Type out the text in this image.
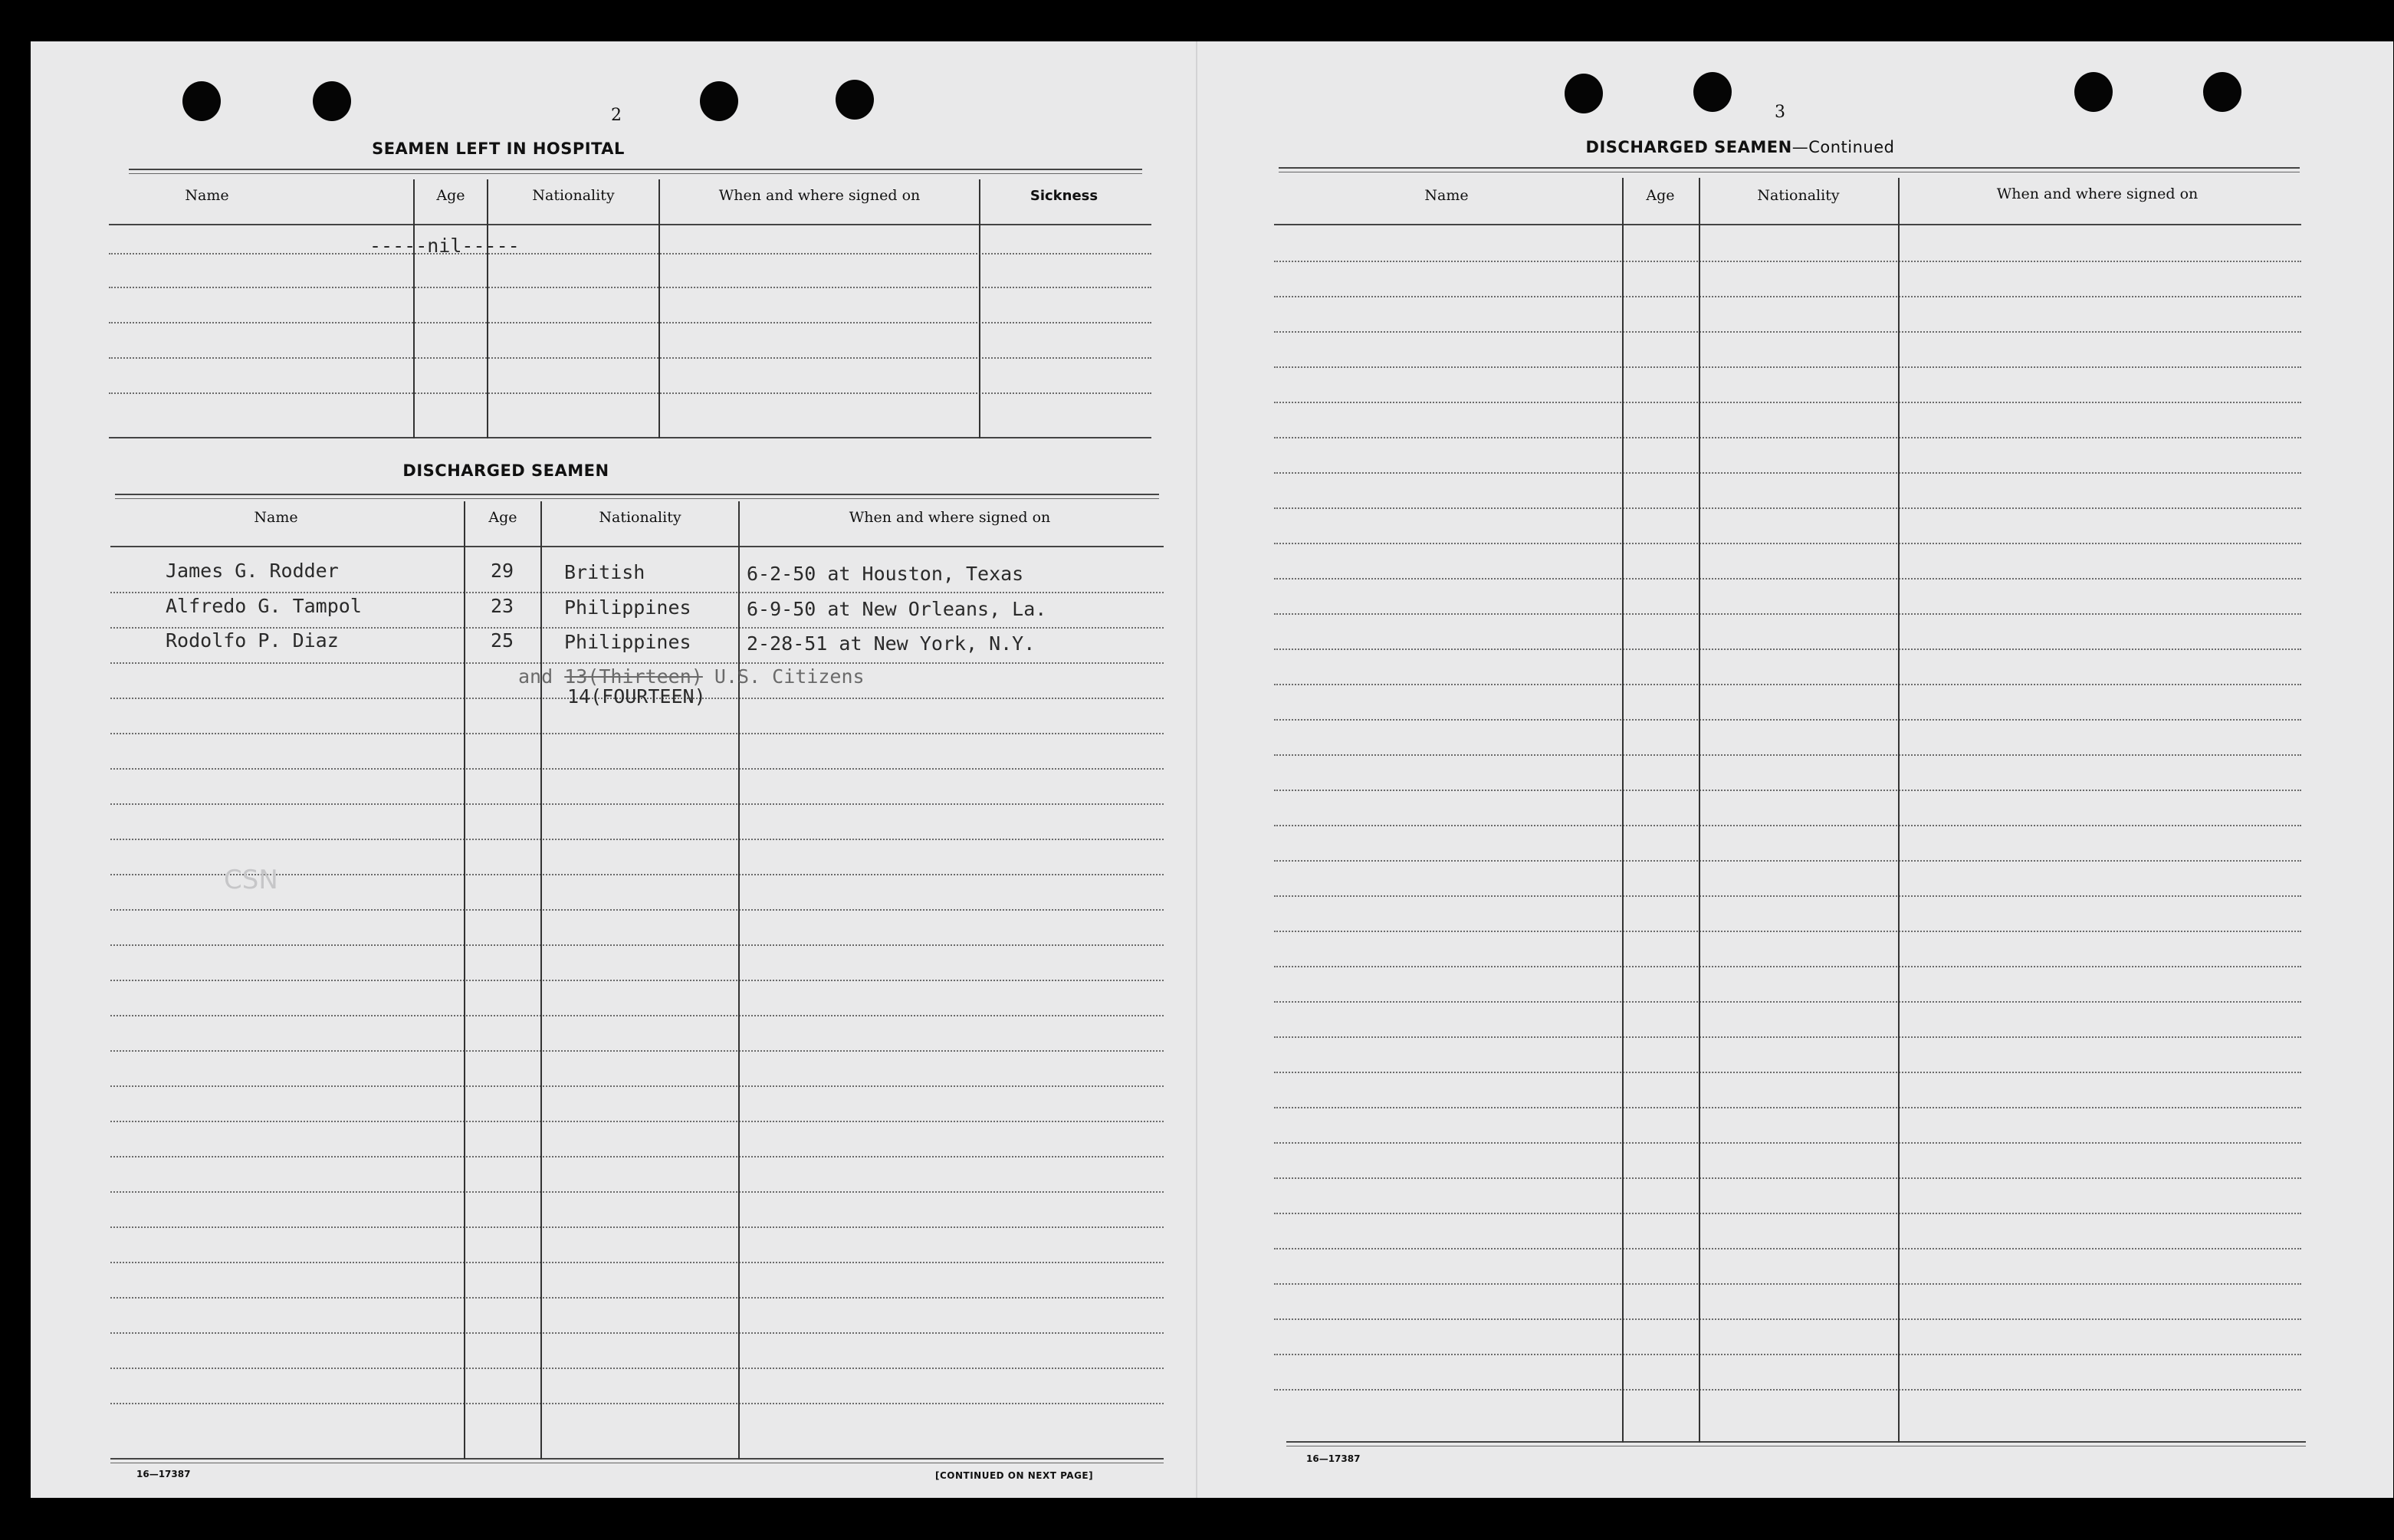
2
SEAMEN LEFT IN HOSPITAL
Name	Age	Nationality	When and where signed on	Sickness
-----nil-----
DISCHARGED SEAMEN
Name	Age	Nationality	When and where signed on
James G. Rodder	29	British	6-2-50 at Houston, Texas
Alfredo G. Tampol	23	Philippines	6-9-50 at New Orleans, La.
Rodolfo P. Diaz	25	Philippines	2-28-51 at New York, N.Y.
and 13(Thirteen) U.S. Citizens
14(FOURTEEN)
CSN
16—17387	[CONTINUED ON NEXT PAGE]
3
DISCHARGED SEAMEN—Continued
Name	Age	Nationality	When and where signed on
16—17387
